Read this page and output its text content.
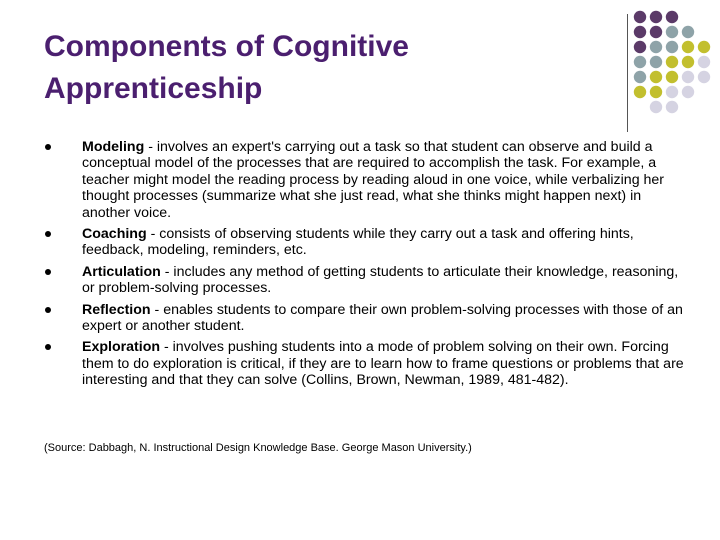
Components of Cognitive Apprenticeship
Modeling - involves an expert's carrying out a task so that student can observe and build a conceptual model of the processes that are required to accomplish the task. For example, a teacher might model the reading process by reading aloud in one voice, while verbalizing her thought processes (summarize what she just read, what she thinks might happen next) in another voice.
Coaching - consists of observing students while they carry out a task and offering hints, feedback, modeling, reminders, etc.
Articulation - includes any method of getting students to articulate their knowledge, reasoning, or problem-solving processes.
Reflection - enables students to compare their own problem-solving processes with those of an expert or another student.
Exploration - involves pushing students into a mode of problem solving on their own. Forcing them to do exploration is critical, if they are to learn how to frame questions or problems that are interesting and that they can solve (Collins, Brown, Newman, 1989, 481-482).
(Source: Dabbagh, N. Instructional Design Knowledge Base. George Mason University.)
